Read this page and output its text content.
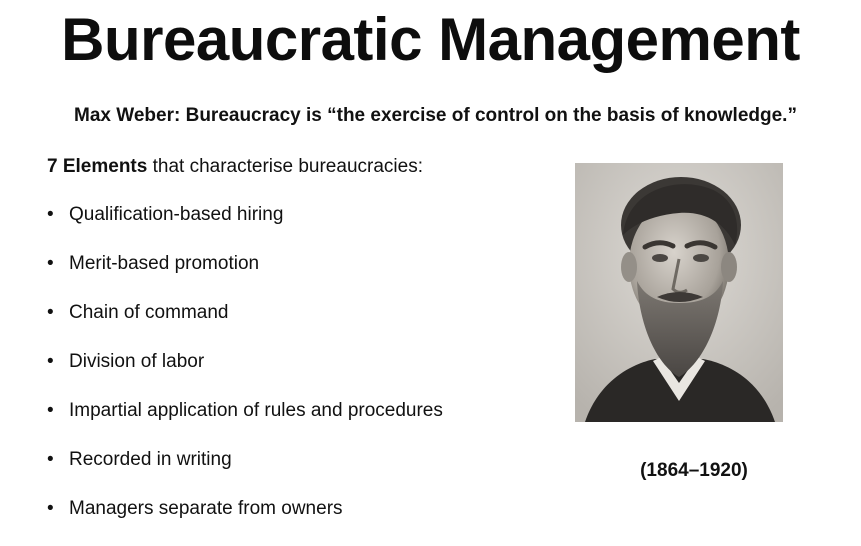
Bureaucratic Management
Max Weber: Bureaucracy is “the exercise of control on the basis of knowledge.”
7 Elements that characterise bureaucracies:
• Qualification-based hiring
• Merit-based promotion
• Chain of command
• Division of labor
• Impartial application of rules and procedures
• Recorded in writing
• Managers separate from owners
(1864–1920)
